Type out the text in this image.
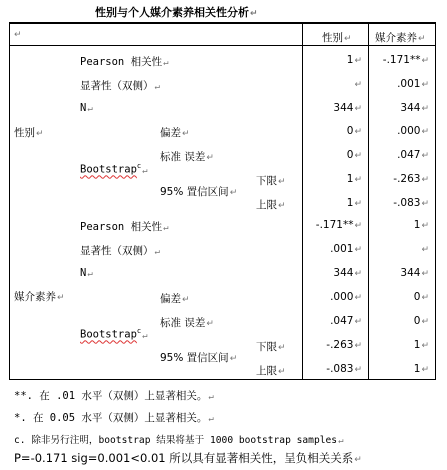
性别与个人媒介素养相关性分析↵
↵	性别↵ 媒介素养↵
性别↵
媒介素养↵
Pearson 相关性↵
显著性（双侧）↵
N↵
Bootstrap$^c$↵
偏差↵
标准 误差↵
95% 置信区间↵
下限↵
上限↵
1↵
↵
344↵
0↵
0↵
1↵
1↵
-.171**↵
.001↵
344↵
.000↵
.047↵
-.263↵
-.083↵
Pearson 相关性↵
显著性（双侧）↵
N↵
Bootstrap$^c$↵
偏差↵
标准 误差↵
95% 置信区间↵
下限↵
上限↵
-.171**↵
.001↵
344↵
.000↵
.047↵
-.263↵
-.083↵
1↵
↵
344↵
0↵
0↵
1↵
1↵
**. 在 .01 水平（双侧）上显著相关。↵
*. 在 0.05 水平（双侧）上显著相关。↵
c. 除非另行注明，bootstrap 结果将基于 1000 bootstrap samples↵
P=-0.171 sig=0.001<0.01 所以具有显著相关性，呈负相关关系↵
